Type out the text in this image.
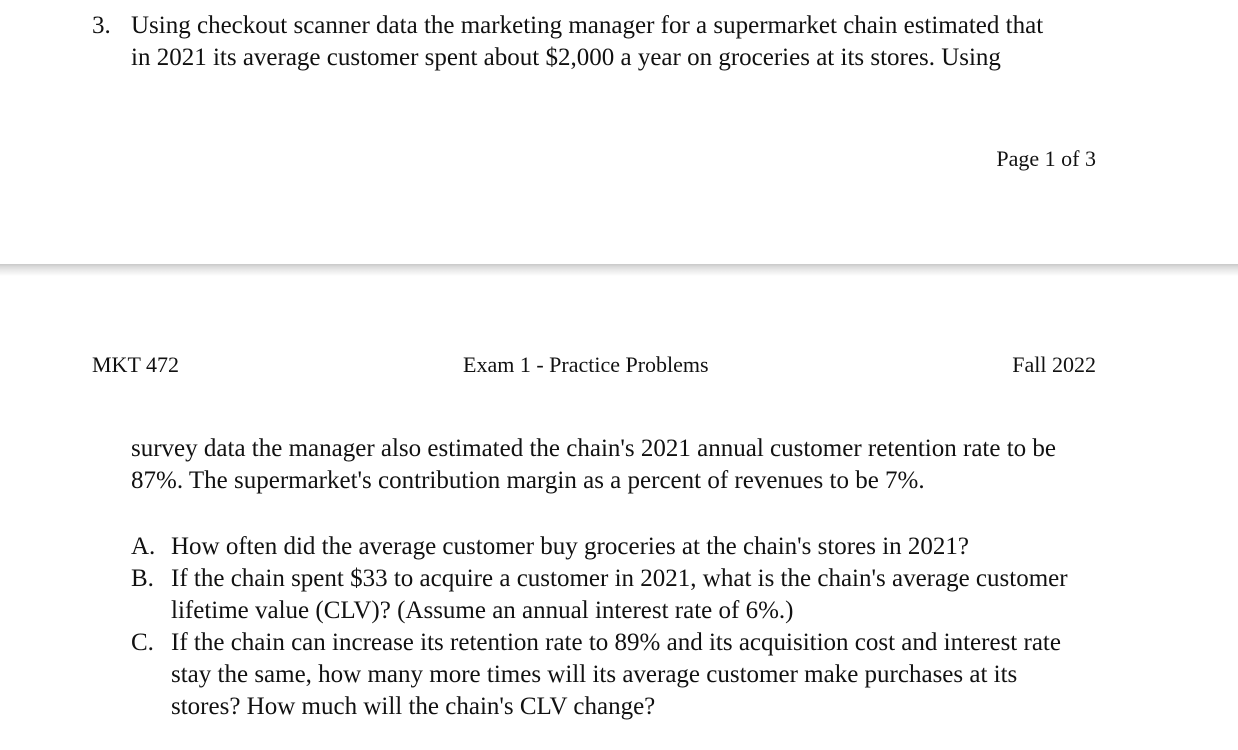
3. Using checkout scanner data the marketing manager for a supermarket chain estimated that
in 2021 its average customer spent about $2,000 a year on groceries at its stores. Using
Page 1 of 3
MKT 472	Exam 1 - Practice Problems	Fall 2022
survey data the manager also estimated the chain's 2021 annual customer retention rate to be
87%. The supermarket's contribution margin as a percent of revenues to be 7%.
A. How often did the average customer buy groceries at the chain's stores in 2021?
B. If the chain spent $33 to acquire a customer in 2021, what is the chain's average customer
lifetime value (CLV)? (Assume an annual interest rate of 6%.)
C. If the chain can increase its retention rate to 89% and its acquisition cost and interest rate
stay the same, how many more times will its average customer make purchases at its
stores? How much will the chain's CLV change?
